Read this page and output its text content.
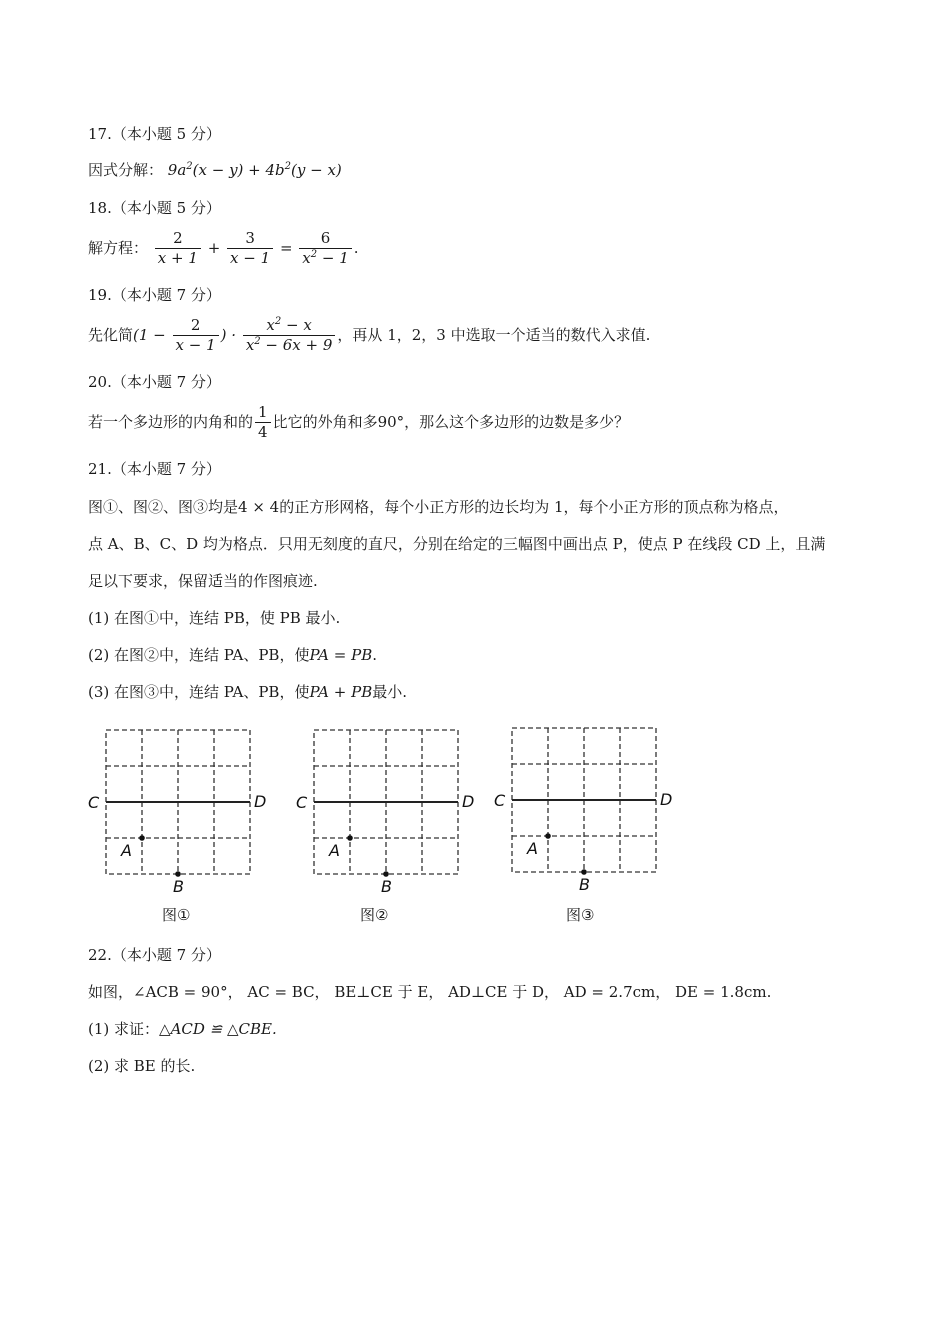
17.（本小题 5 分）
因式分解： $9a^2(x - y) + 4b^2(y - x)$
18.（本小题 5 分）
解方程： $\frac{2}{x + 1} + \frac{3}{x - 1} = \frac{6}{x^2 - 1}$ .
19.（本小题 7 分）
先化简($1 - \frac{2}{x - 1}$ ) · $\frac{x^2 - x}{x^2 - 6x + 9}$ ，再从 1，2，3 中选取一个适当的数代入求值.
20.（本小题 7 分）
若一个多边形的内角和的 $\frac{1}{4}$ 比它的外角和多90°，那么这个多边形的边数是多少？
21.（本小题 7 分）
图①、图②、图③均是4 × 4的正方形网格，每个小正方形的边长均为 1，每个小正方形的顶点称为格点，
点 A、B、C、D 均为格点．只用无刻度的直尺，分别在给定的三幅图中画出点 P，使点 P 在线段 CD 上，且满
足以下要求，保留适当的作图痕迹.
(1) 在图①中，连结 PB，使 PB 最小.
(2) 在图②中，连结 PA、PB，使PA = PB.
(3) 在图③中，连结 PA、PB，使PA + PB最小.
C	D
A
B
图①
C	D
A
B
图②
C	D
A
B
图③
22.（本小题 7 分）
如图，∠ACB = 90°， AC = BC， BE⊥CE 于 E， AD⊥CE 于 D， AD = 2.7cm， DE = 1.8cm.
(1) 求证：△ACD ≌ △CBE.
(2) 求 BE 的长.
